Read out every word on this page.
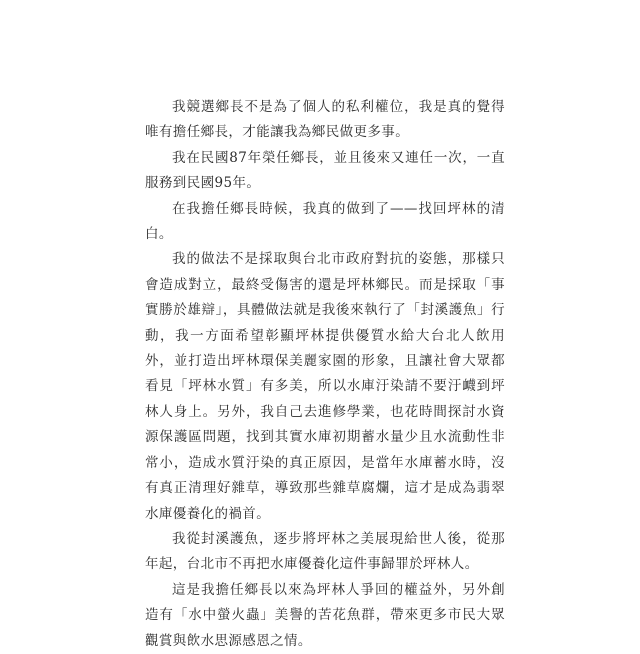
我競選鄉長不是為了個人的私利權位，我是真的覺得唯有擔任鄉長，才能讓我為鄉民做更多事。

我在民國87年榮任鄉長，並且後來又連任一次，一直服務到民國95年。

在我擔任鄉長時候，我真的做到了——找回坪林的清白。

我的做法不是採取與台北市政府對抗的姿態，那樣只會造成對立，最終受傷害的還是坪林鄉民。而是採取「事實勝於雄辯」，具體做法就是我後來執行了「封溪護魚」行動，我一方面希望彰顯坪林提供優質水給大台北人飲用外，並打造出坪林環保美麗家園的形象，且讓社會大眾都看見「坪林水質」有多美，所以水庫汙染請不要汙衊到坪林人身上。另外，我自己去進修學業，也花時間探討水資源保護區問題，找到其實水庫初期蓄水量少且水流動性非常小，造成水質汙染的真正原因，是當年水庫蓄水時，沒有真正清理好雜草，導致那些雜草腐爛，這才是成為翡翠水庫優養化的禍首。

我從封溪護魚，逐步將坪林之美展現給世人後，從那年起，台北市不再把水庫優養化這件事歸罪於坪林人。

這是我擔任鄉長以來為坪林人爭回的權益外，另外創造有「水中螢火蟲」美譽的苦花魚群，帶來更多市民大眾觀賞與飲水思源感恩之情。
